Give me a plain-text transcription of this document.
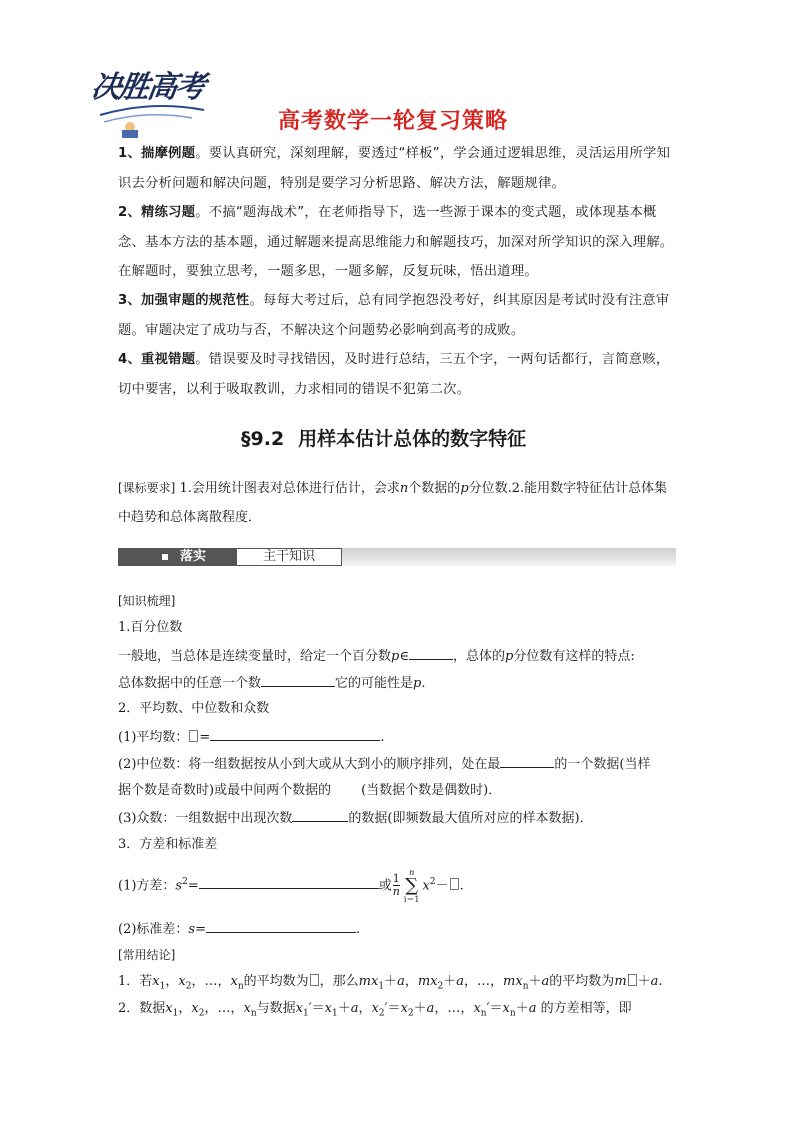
决胜高考
高考数学一轮复习策略
1、揣摩例题。要认真研究，深刻理解，要透过“样板”，学会通过逻辑思维，灵活运用所学知识去分析问题和解决问题，特别是要学习分析思路、解决方法，解题规律。
2、精练习题。不搞“题海战术”，在老师指导下，选一些源于课本的变式题，或体现基本概念、基本方法的基本题，通过解题来提高思维能力和解题技巧，加深对所学知识的深入理解。在解题时，要独立思考，一题多思，一题多解，反复玩味，悟出道理。
3、加强审题的规范性。每每大考过后，总有同学抱怨没考好，纠其原因是考试时没有注意审题。审题决定了成功与否，不解决这个问题势必影响到高考的成败。
4、重视错题。错误要及时寻找错因，及时进行总结，三五个字，一两句话都行，言简意赅，切中要害，以利于吸取教训，力求相同的错误不犯第二次。
§9.2 用样本估计总体的数字特征
[课标要求] 1.会用统计图表对总体进行估计，会求n个数据的p分位数.2.能用数字特征估计总体集中趋势和总体离散程度．
落实	主干知识
[知识梳理]
1.百分位数
一般地，当总体是连续变量时，给定一个百分数p∈	，总体的p分位数有这样的特点:
总体数据中的任意一个数	它的可能性是p.
2．平均数、中位数和众数
(1)平均数： =	.
(2)中位数：将一组数据按从小到大或从大到小的顺序排列，处在最	的一个数据(当样
据个数是奇数时)或最中间两个数据的 (当数据个数是偶数时)．
(3)众数：一组数据中出现次数	的数据(即频数最大值所对应的样本数据)．
3．方差和标准差
(1)方差：$s^2=$	或 $\frac{1}{n}$
n
∑
i＝1
$x^2-$ .
(2)标准差：s=	.
[常用结论]
1．若$x_1$，$x_2$，…，$x_n$的平均数为 ，那么$mx_1+a$，$mx_2+a$，…，$mx_n+a$的平均数为m ＋a.
2．数据$x_1$，$x_2$，…，$x_n$与数据$x_1'=x_1+a$，$x_2'=x_2+a$，…，$x_n'=x_n+a$ 的方差相等，即
